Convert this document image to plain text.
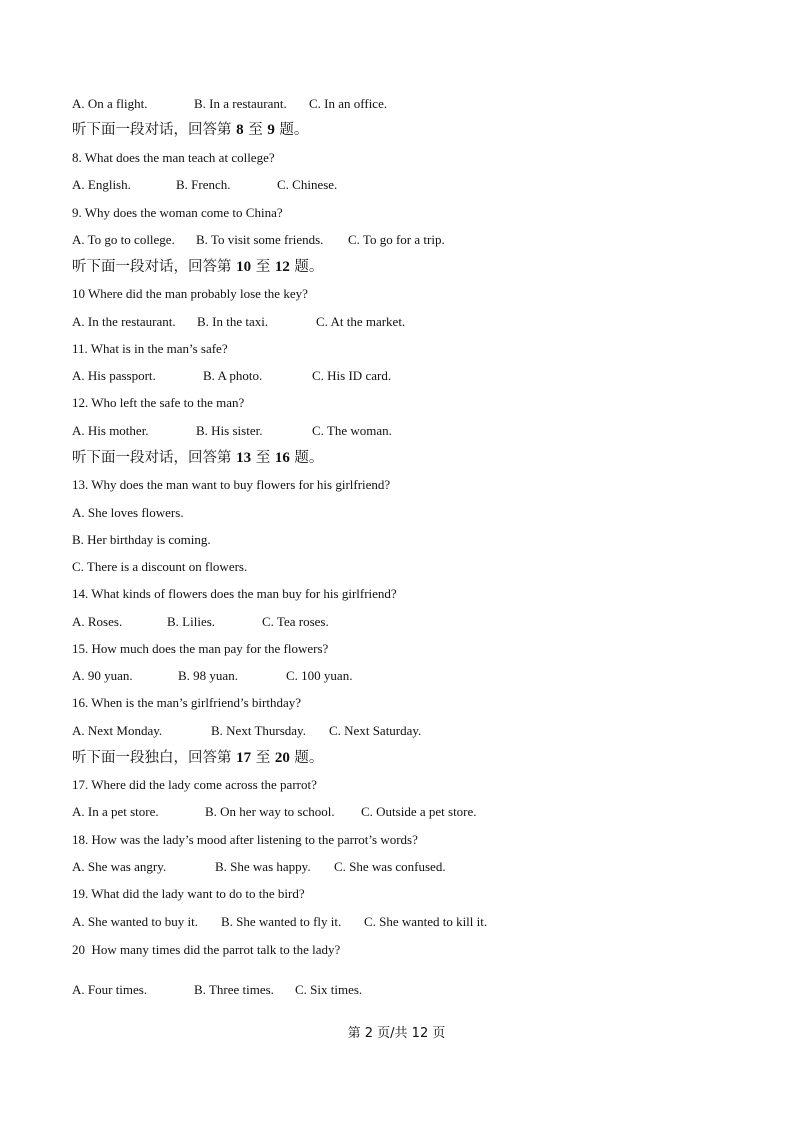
A. On a flight.	B. In a restaurant. C. In an office.
听下面一段对话，回答第 8 至 9 题。
8. What does the man teach at college?
A. English.	B. French.	C. Chinese.
9. Why does the woman come to China?
A. To go to college. B. To visit some friends. C. To go for a trip.
听下面一段对话，回答第 10 至 12 题。
10 Where did the man probably lose the key?
A. In the restaurant. B. In the taxi.	C. At the market.
11. What is in the man’s safe?
A. His passport.	B. A photo.	C. His ID card.
12. Who left the safe to the man?
A. His mother.	B. His sister.	C. The woman.
听下面一段对话，回答第 13 至 16 题。
13. Why does the man want to buy flowers for his girlfriend?
A. She loves flowers.
B. Her birthday is coming.
C. There is a discount on flowers.
14. What kinds of flowers does the man buy for his girlfriend?
A. Roses.	B. Lilies.	C. Tea roses.
15. How much does the man pay for the flowers?
A. 90 yuan.	B. 98 yuan.	C. 100 yuan.
16. When is the man’s girlfriend’s birthday?
A. Next Monday.	B. Next Thursday. C. Next Saturday.
听下面一段独白，回答第 17 至 20 题。
17. Where did the lady come across the parrot?
A. In a pet store.	B. On her way to school. C. Outside a pet store.
18. How was the lady’s mood after listening to the parrot’s words?
A. She was angry.	B. She was happy. C. She was confused.
19. What did the lady want to do to the bird?
A. She wanted to buy it. B. She wanted to fly it. C. She wanted to kill it.
20  How many times did the parrot talk to the lady?
A. Four times.	B. Three times. C. Six times.
第 2 页/共 12 页
